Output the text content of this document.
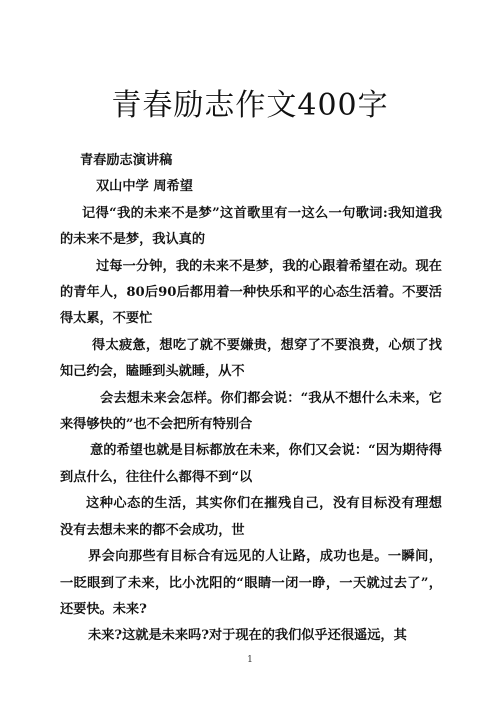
青春励志作文400字

青春励志演讲稿

双山中学 周希望

记得“我的未来不是梦”这首歌里有一这么一句歌词:我知道我的未来不是梦，我认真的

过每一分钟，我的未来不是梦，我的心跟着希望在动。现在的青年人，80后90后都用着一种快乐和平的心态生活着。不要活得太累，不要忙

得太疲惫，想吃了就不要嫌贵，想穿了不要浪费，心烦了找知己约会，瞌睡到头就睡，从不

会去想未来会怎样。你们都会说：“我从不想什么未来，它来得够快的”也不会把所有特别合

意的希望也就是目标都放在未来，你们又会说：“因为期待得到点什么，往往什么都得不到“以

这种心态的生活，其实你们在摧残自己，没有目标没有理想没有去想未来的都不会成功，世

界会向那些有目标合有远见的人让路，成功也是。一瞬间，一眨眼到了未来，比小沈阳的“眼睛一闭一睁，一天就过去了”，还要快。未来?

未来?这就是未来吗?对于现在的我们似乎还很遥远，其

1
